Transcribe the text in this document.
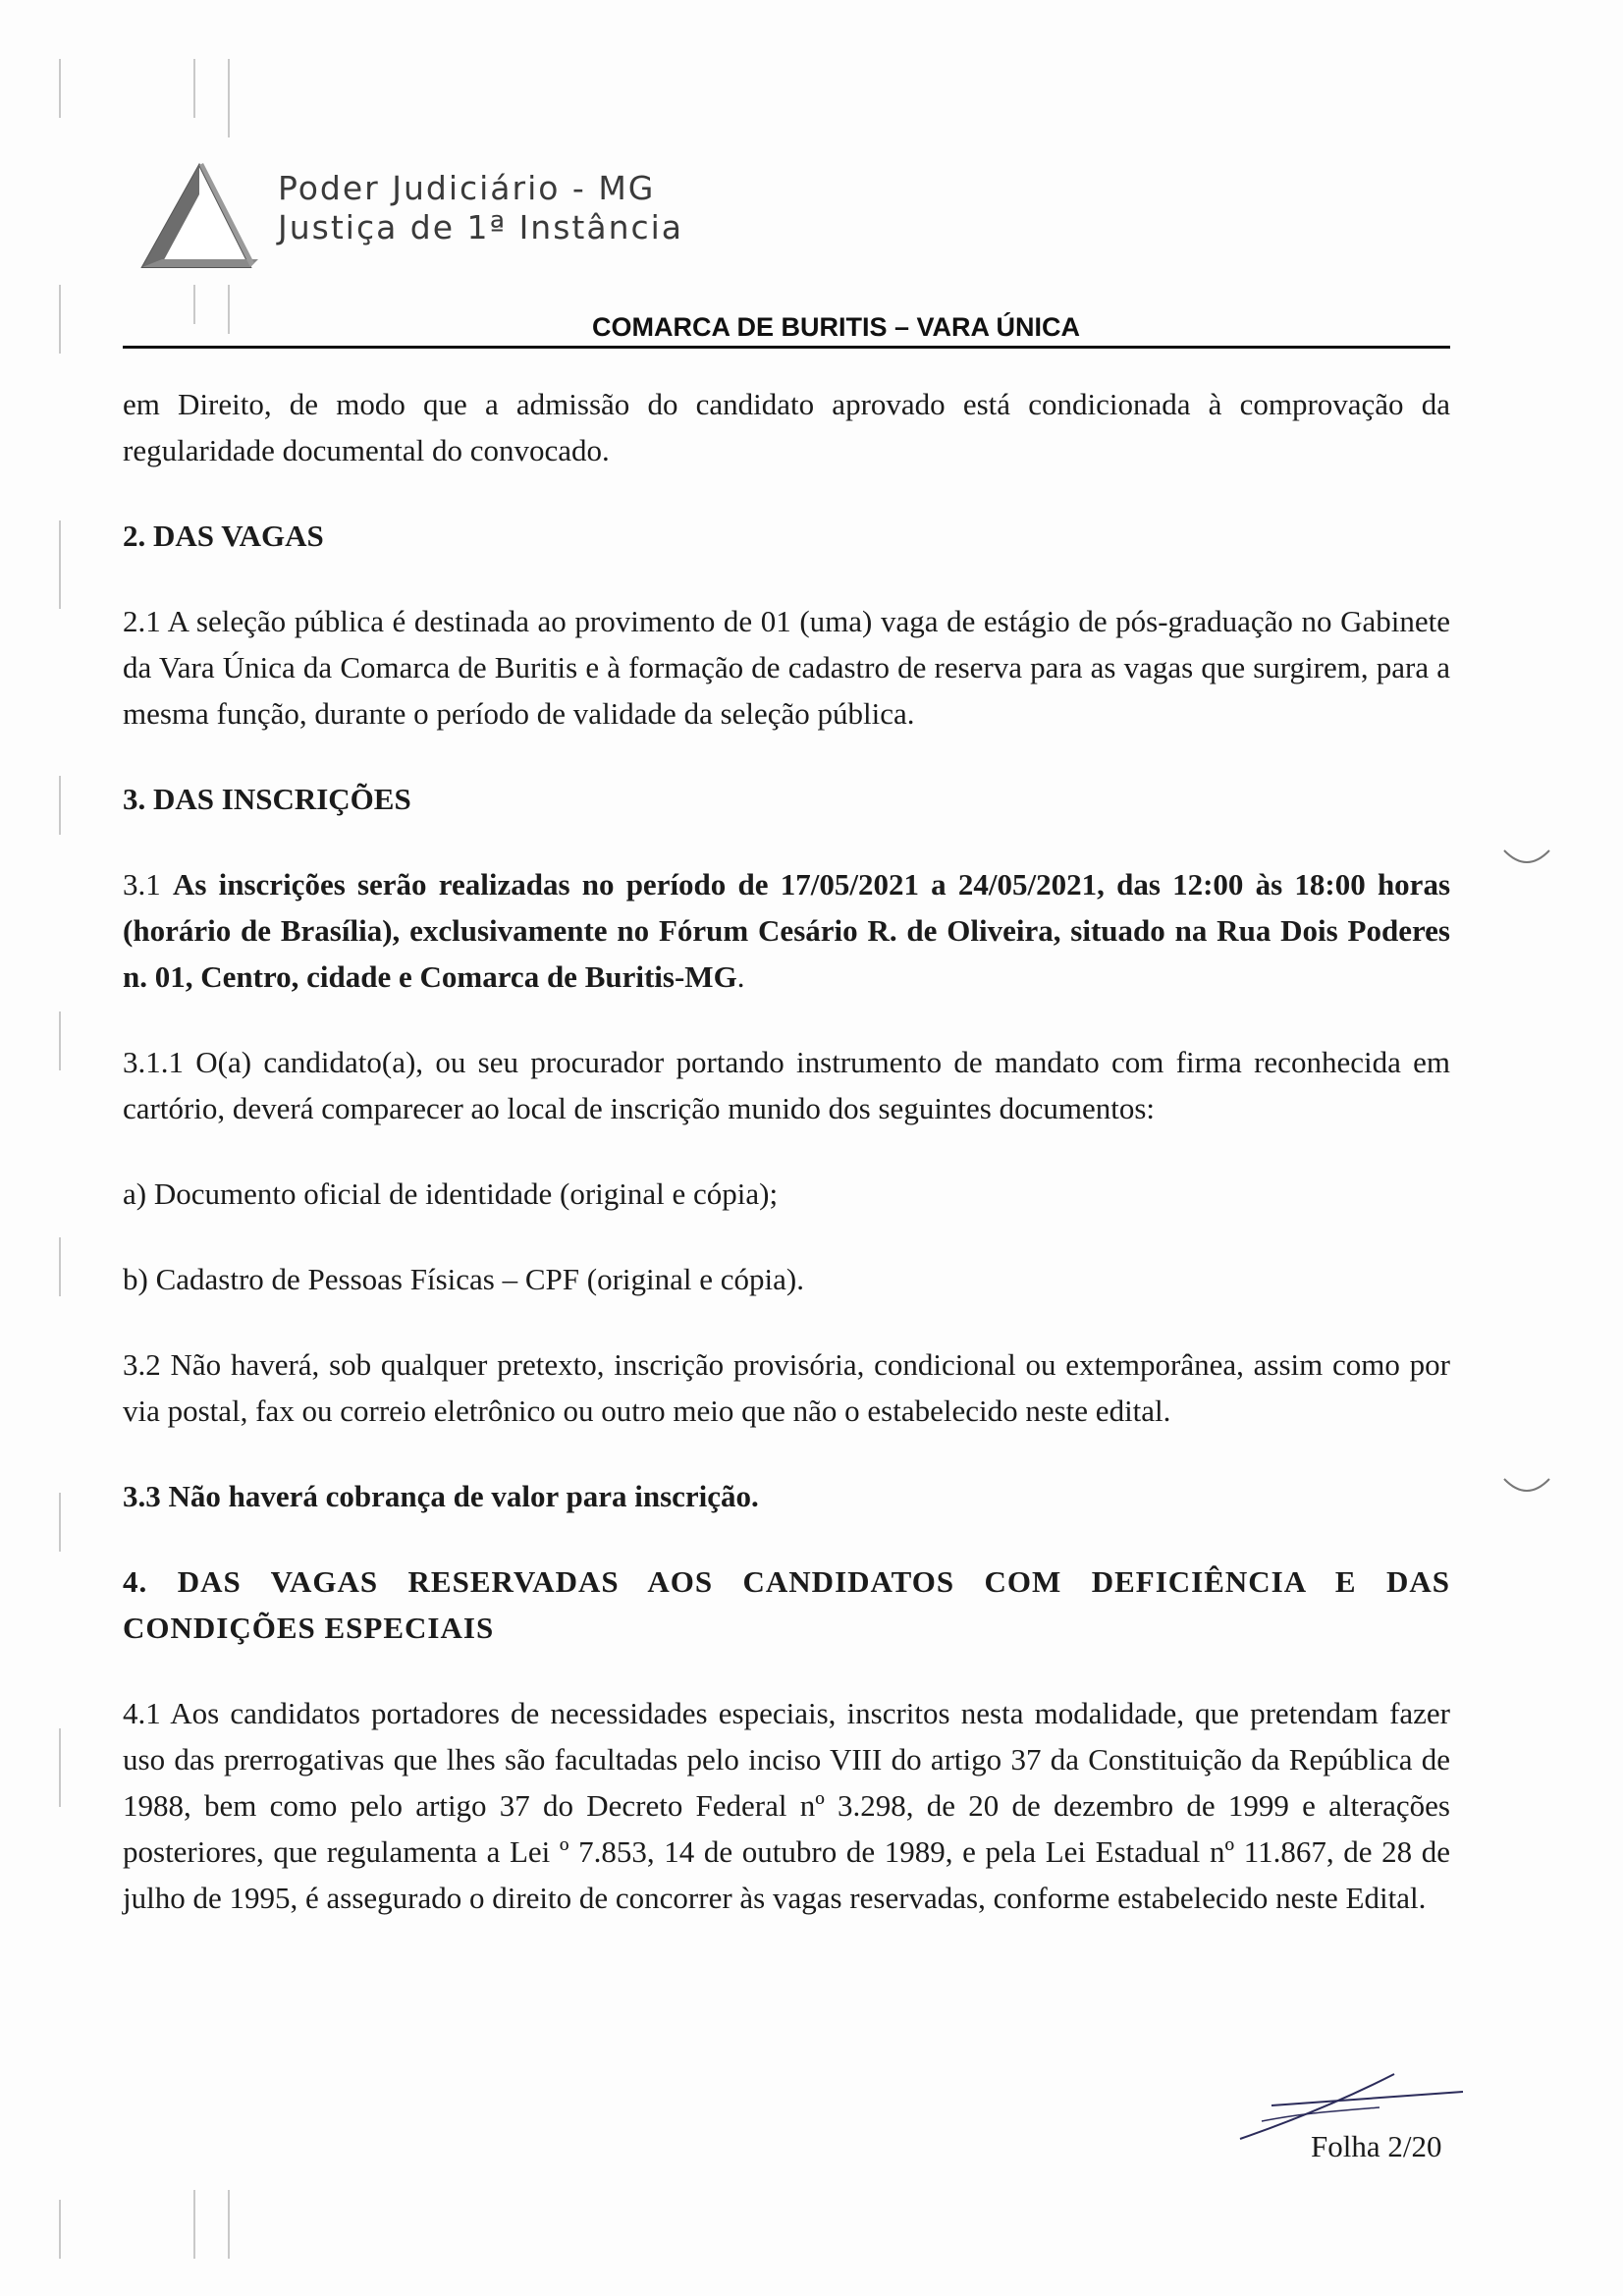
Poder Judiciário - MG
Justiça de 1ª Instância
COMARCA DE BURITIS – VARA ÚNICA

em Direito, de modo que a admissão do candidato aprovado está condicionada à comprovação da regularidade documental do convocado.

2. DAS VAGAS

2.1 A seleção pública é destinada ao provimento de 01 (uma) vaga de estágio de pós-graduação no Gabinete da Vara Única da Comarca de Buritis e à formação de cadastro de reserva para as vagas que surgirem, para a mesma função, durante o período de validade da seleção pública.

3. DAS INSCRIÇÕES

3.1 As inscrições serão realizadas no período de 17/05/2021 a 24/05/2021, das 12:00 às 18:00 horas (horário de Brasília), exclusivamente no Fórum Cesário R. de Oliveira, situado na Rua Dois Poderes n. 01, Centro, cidade e Comarca de Buritis-MG.

3.1.1 O(a) candidato(a), ou seu procurador portando instrumento de mandato com firma reconhecida em cartório, deverá comparecer ao local de inscrição munido dos seguintes documentos:

a) Documento oficial de identidade (original e cópia);

b) Cadastro de Pessoas Físicas – CPF (original e cópia).

3.2 Não haverá, sob qualquer pretexto, inscrição provisória, condicional ou extemporânea, assim como por via postal, fax ou correio eletrônico ou outro meio que não o estabelecido neste edital.

3.3 Não haverá cobrança de valor para inscrição.

4. DAS VAGAS RESERVADAS AOS CANDIDATOS COM DEFICIÊNCIA E DAS CONDIÇÕES ESPECIAIS

4.1 Aos candidatos portadores de necessidades especiais, inscritos nesta modalidade, que pretendam fazer uso das prerrogativas que lhes são facultadas pelo inciso VIII do artigo 37 da Constituição da República de 1988, bem como pelo artigo 37 do Decreto Federal nº 3.298, de 20 de dezembro de 1999 e alterações posteriores, que regulamenta a Lei º 7.853, 14 de outubro de 1989, e pela Lei Estadual nº 11.867, de 28 de julho de 1995, é assegurado o direito de concorrer às vagas reservadas, conforme estabelecido neste Edital.

Folha 2/20
